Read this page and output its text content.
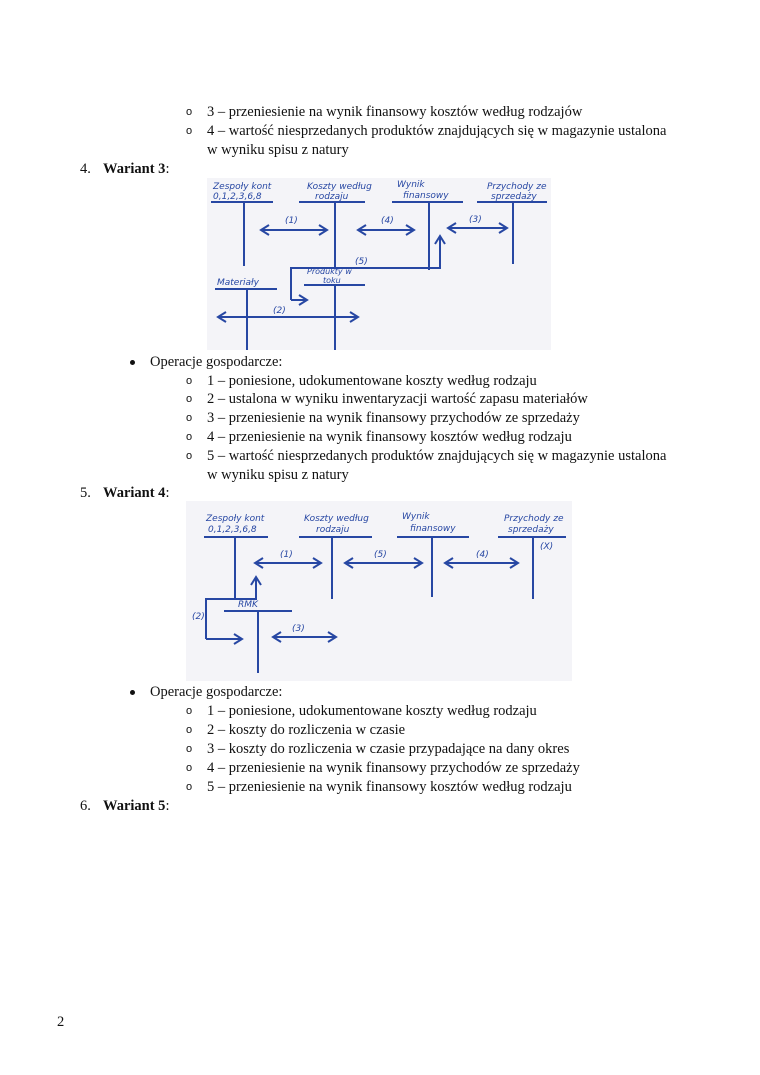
o 3 – przeniesienie na wynik finansowy kosztów według rodzajów
o 4 – wartość niesprzedanych produktów znajdujących się w magazynie ustalona
w wyniku spisu z natury
4. Wariant 3:
Zespoły kont
0,1,2,3,6,8
Koszty według
rodzaju
Wynik
finansowy
Przychody ze
sprzedaży
Materiały
Produkty w
toku
(1)	(4)	(3)
(5)
(2)
Operacje gospodarcze:
o 1 – poniesione, udokumentowane koszty według rodzaju
o 2 – ustalona w wyniku inwentaryzacji wartość zapasu materiałów
o 3 – przeniesienie na wynik finansowy przychodów ze sprzedaży
o 4 – przeniesienie na wynik finansowy kosztów według rodzaju
o 5 – wartość niesprzedanych produktów znajdujących się w magazynie ustalona
w wyniku spisu z natury
5. Wariant 4:
Zespoły kont
0,1,2,3,6,8
Koszty według
rodzaju
Wynik
finansowy
Przychody ze
sprzedaży
RMK
(1)	(5)	(4)
(X)
(2)
(3)
Operacje gospodarcze:
o 1 – poniesione, udokumentowane koszty według rodzaju
o 2 – koszty do rozliczenia w czasie
o 3 – koszty do rozliczenia w czasie przypadające na dany okres
o 4 – przeniesienie na wynik finansowy przychodów ze sprzedaży
o 5 – przeniesienie na wynik finansowy kosztów według rodzaju
6. Wariant 5:
2
